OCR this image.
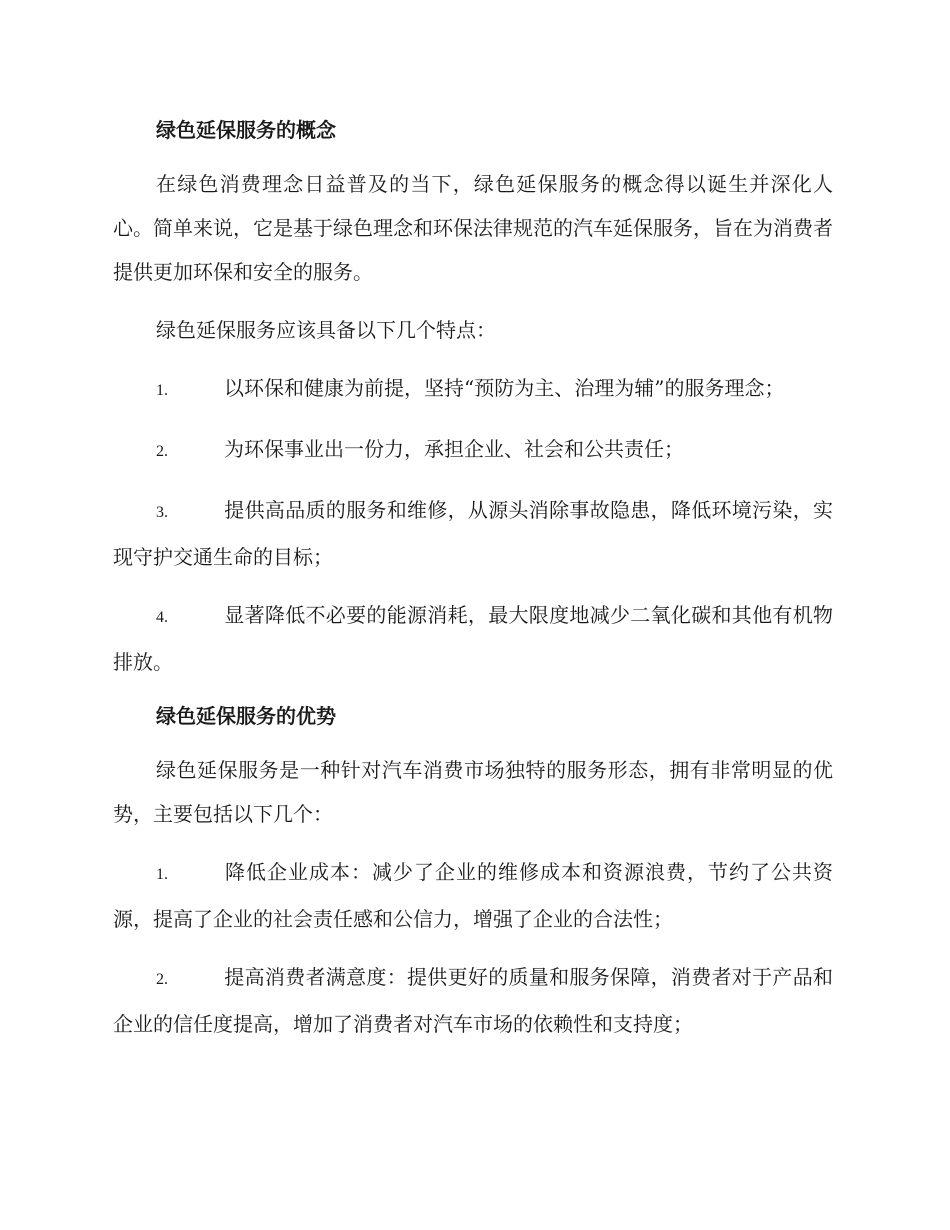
绿色延保服务的概念

在绿色消费理念日益普及的当下，绿色延保服务的概念得以诞生并深化人心。简单来说，它是基于绿色理念和环保法律规范的汽车延保服务，旨在为消费者提供更加环保和安全的服务。

绿色延保服务应该具备以下几个特点：

1.	以环保和健康为前提，坚持“预防为主、治理为辅”的服务理念；

2.	为环保事业出一份力，承担企业、社会和公共责任；

3.	提供高品质的服务和维修，从源头消除事故隐患，降低环境污染，实现守护交通生命的目标；

4.	显著降低不必要的能源消耗，最大限度地减少二氧化碳和其他有机物排放。

绿色延保服务的优势

绿色延保服务是一种针对汽车消费市场独特的服务形态，拥有非常明显的优势，主要包括以下几个：

1.	降低企业成本：减少了企业的维修成本和资源浪费，节约了公共资源，提高了企业的社会责任感和公信力，增强了企业的合法性；

2.	提高消费者满意度：提供更好的质量和服务保障，消费者对于产品和企业的信任度提高，增加了消费者对汽车市场的依赖性和支持度；
